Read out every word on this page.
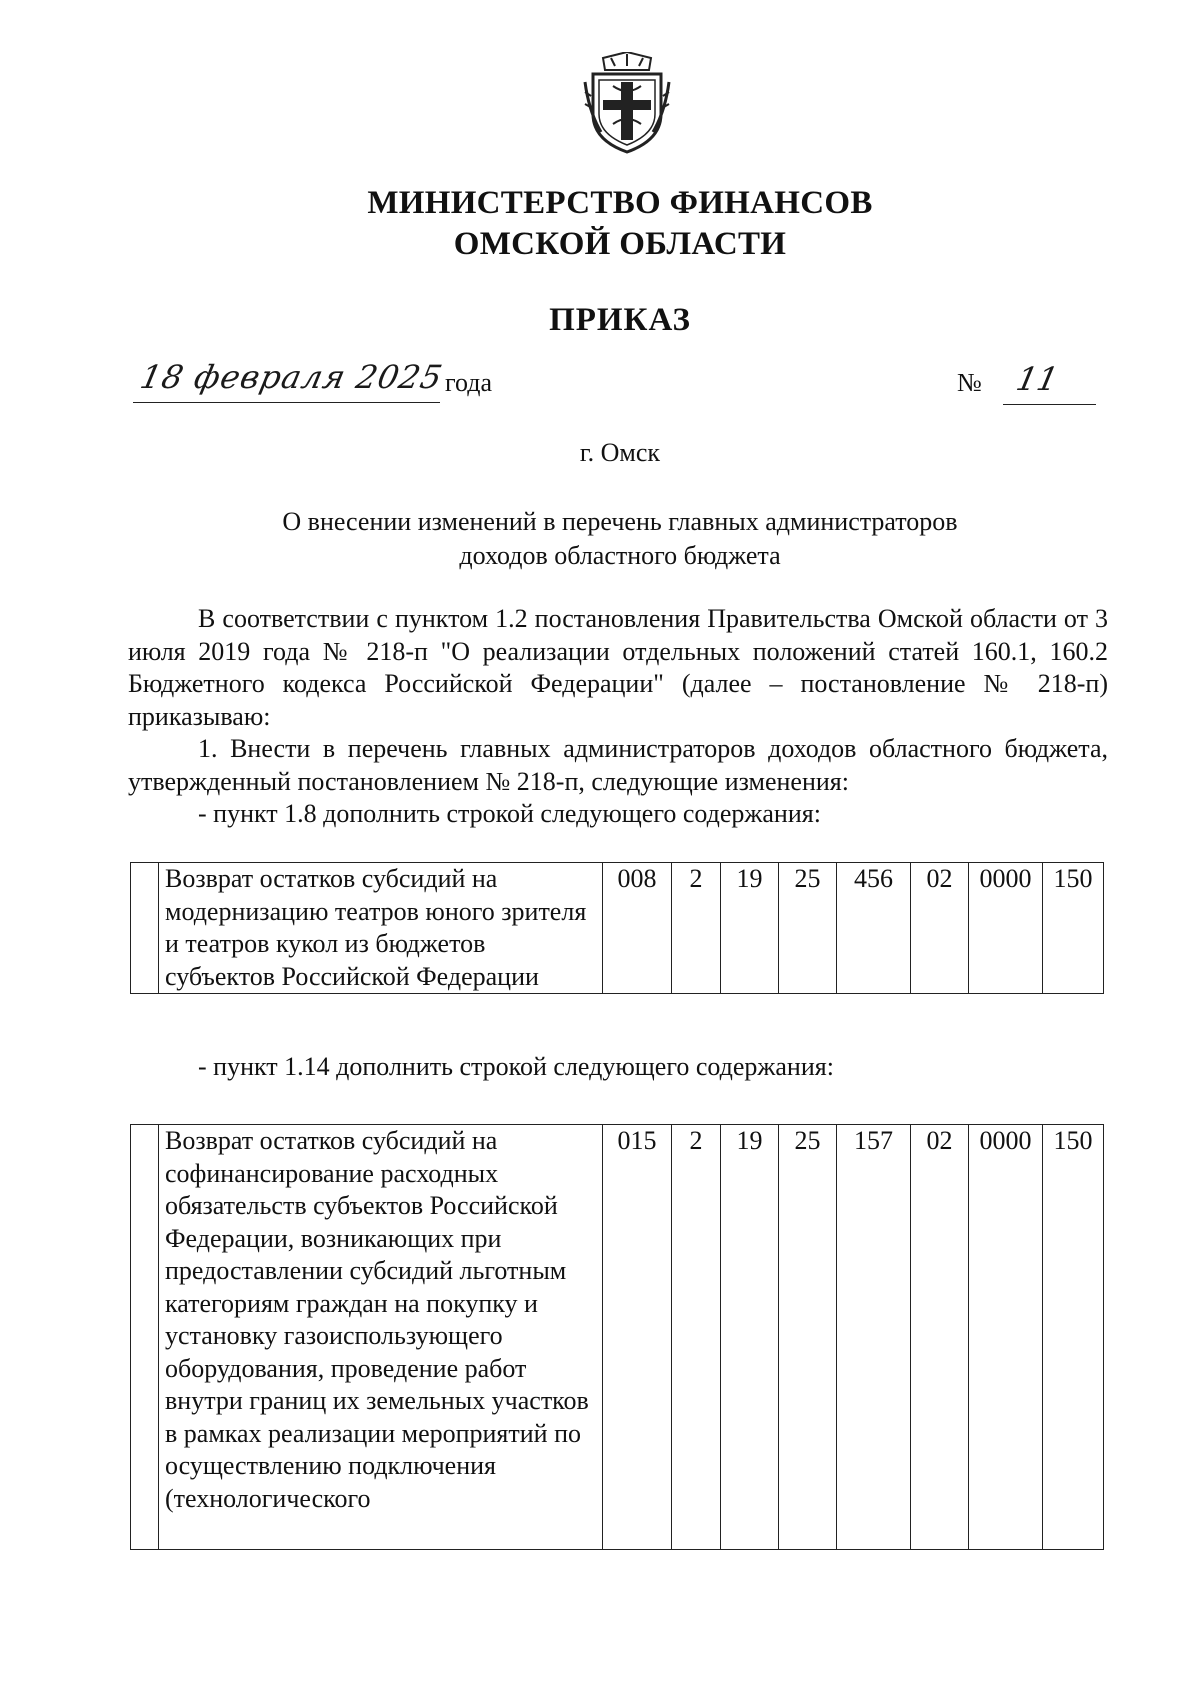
МИНИСТЕРСТВО ФИНАНСОВ
ОМСКОЙ ОБЛАСТИ
ПРИКАЗ
18 февраля 2025
года	№ 11
г. Омск
О внесении изменений в перечень главных администраторов
доходов областного бюджета

В соответствии с пунктом 1.2 постановления Правительства Омской области от 3 июля 2019 года № 218-п "О реализации отдельных положений статей 160.1, 160.2 Бюджетного кодекса Российской Федерации" (далее – постановление № 218-п) приказываю:

1. Внести в перечень главных администраторов доходов областного бюджета, утвержденный постановлением № 218-п, следующие изменения:

- пункт 1.8 дополнить строкой следующего содержания:

	Возврат остатков субсидий на модернизацию театров юного зрителя и театров кукол из бюджетов субъектов Российской Федерации	008	2	19	25	456	02	0000	150
- пункт 1.14 дополнить строкой следующего содержания:
	Возврат остатков субсидий на софинансирование расходных обязательств субъектов Российской Федерации, возникающих при предоставлении субсидий льготным категориям граждан на покупку и установку газоиспользующего оборудования, проведение работ внутри границ их земельных участков в рамках реализации мероприятий по осуществлению подключения (технологического	015	2	19	25	157	02	0000	150
